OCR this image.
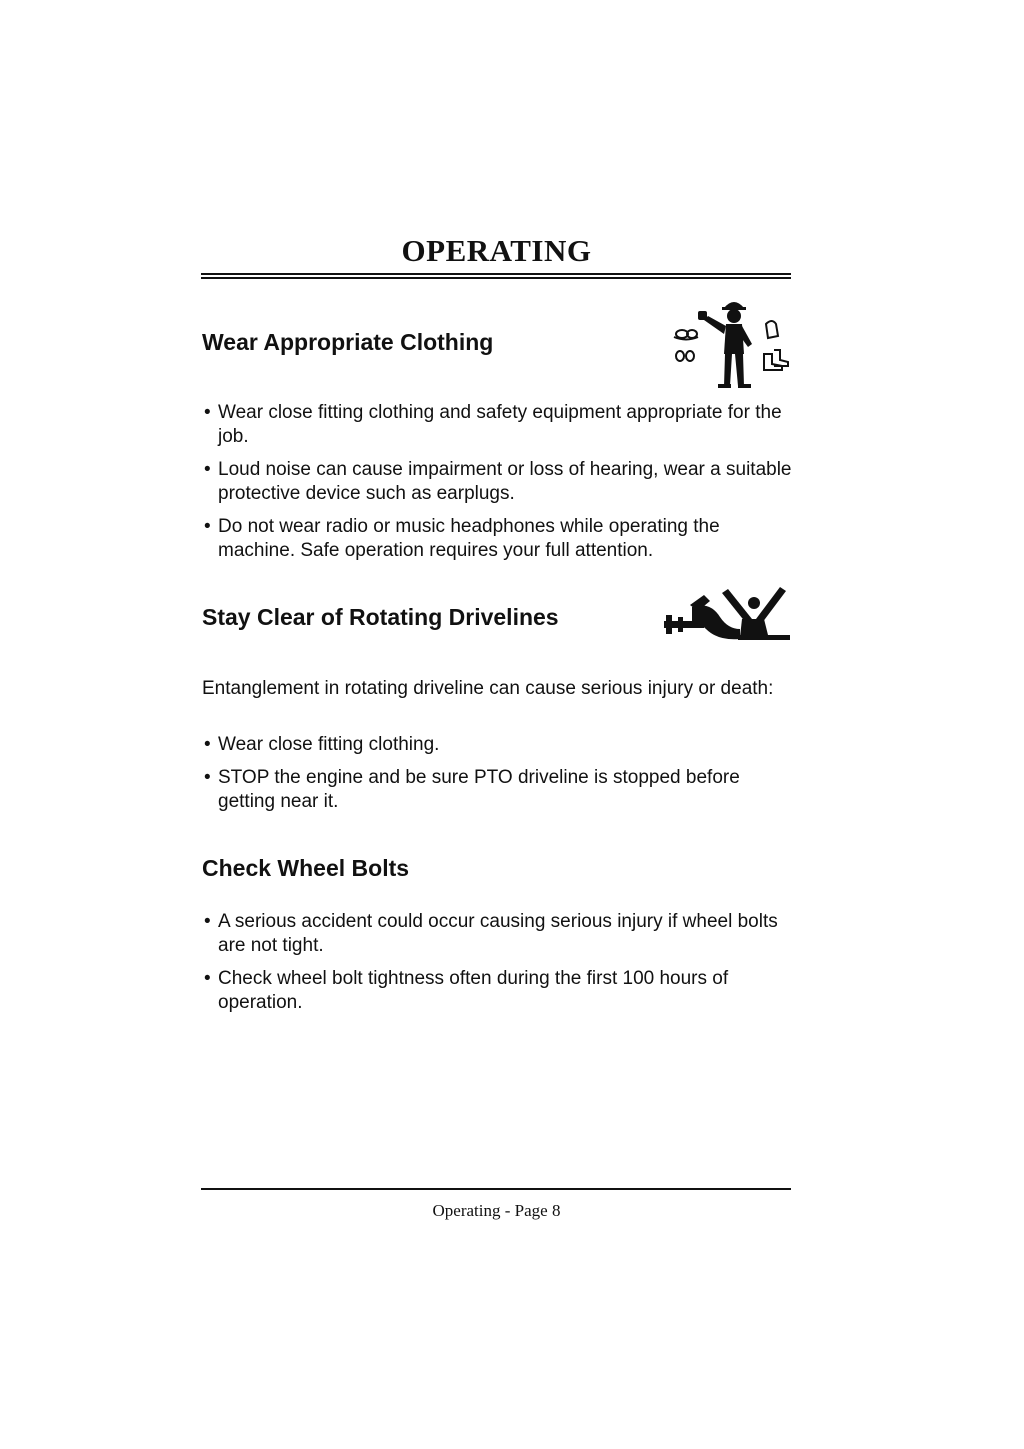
OPERATING
Wear Appropriate Clothing

• Wear close fitting clothing and safety equipment appropriate for the job.

• Loud noise can cause impairment or loss of hearing, wear a suitable protective device such as earplugs.

• Do not wear radio or music headphones while operating the machine. Safe operation requires your full attention.

Stay Clear of Rotating Drivelines

Entanglement in rotating driveline can cause serious injury or death:

• Wear close fitting clothing.

• STOP the engine and be sure PTO driveline is stopped before getting near it.

Check Wheel Bolts

• A serious accident could occur causing serious injury if wheel bolts are not tight.

• Check wheel bolt tightness often during the first 100 hours of operation.

Operating - Page 8
